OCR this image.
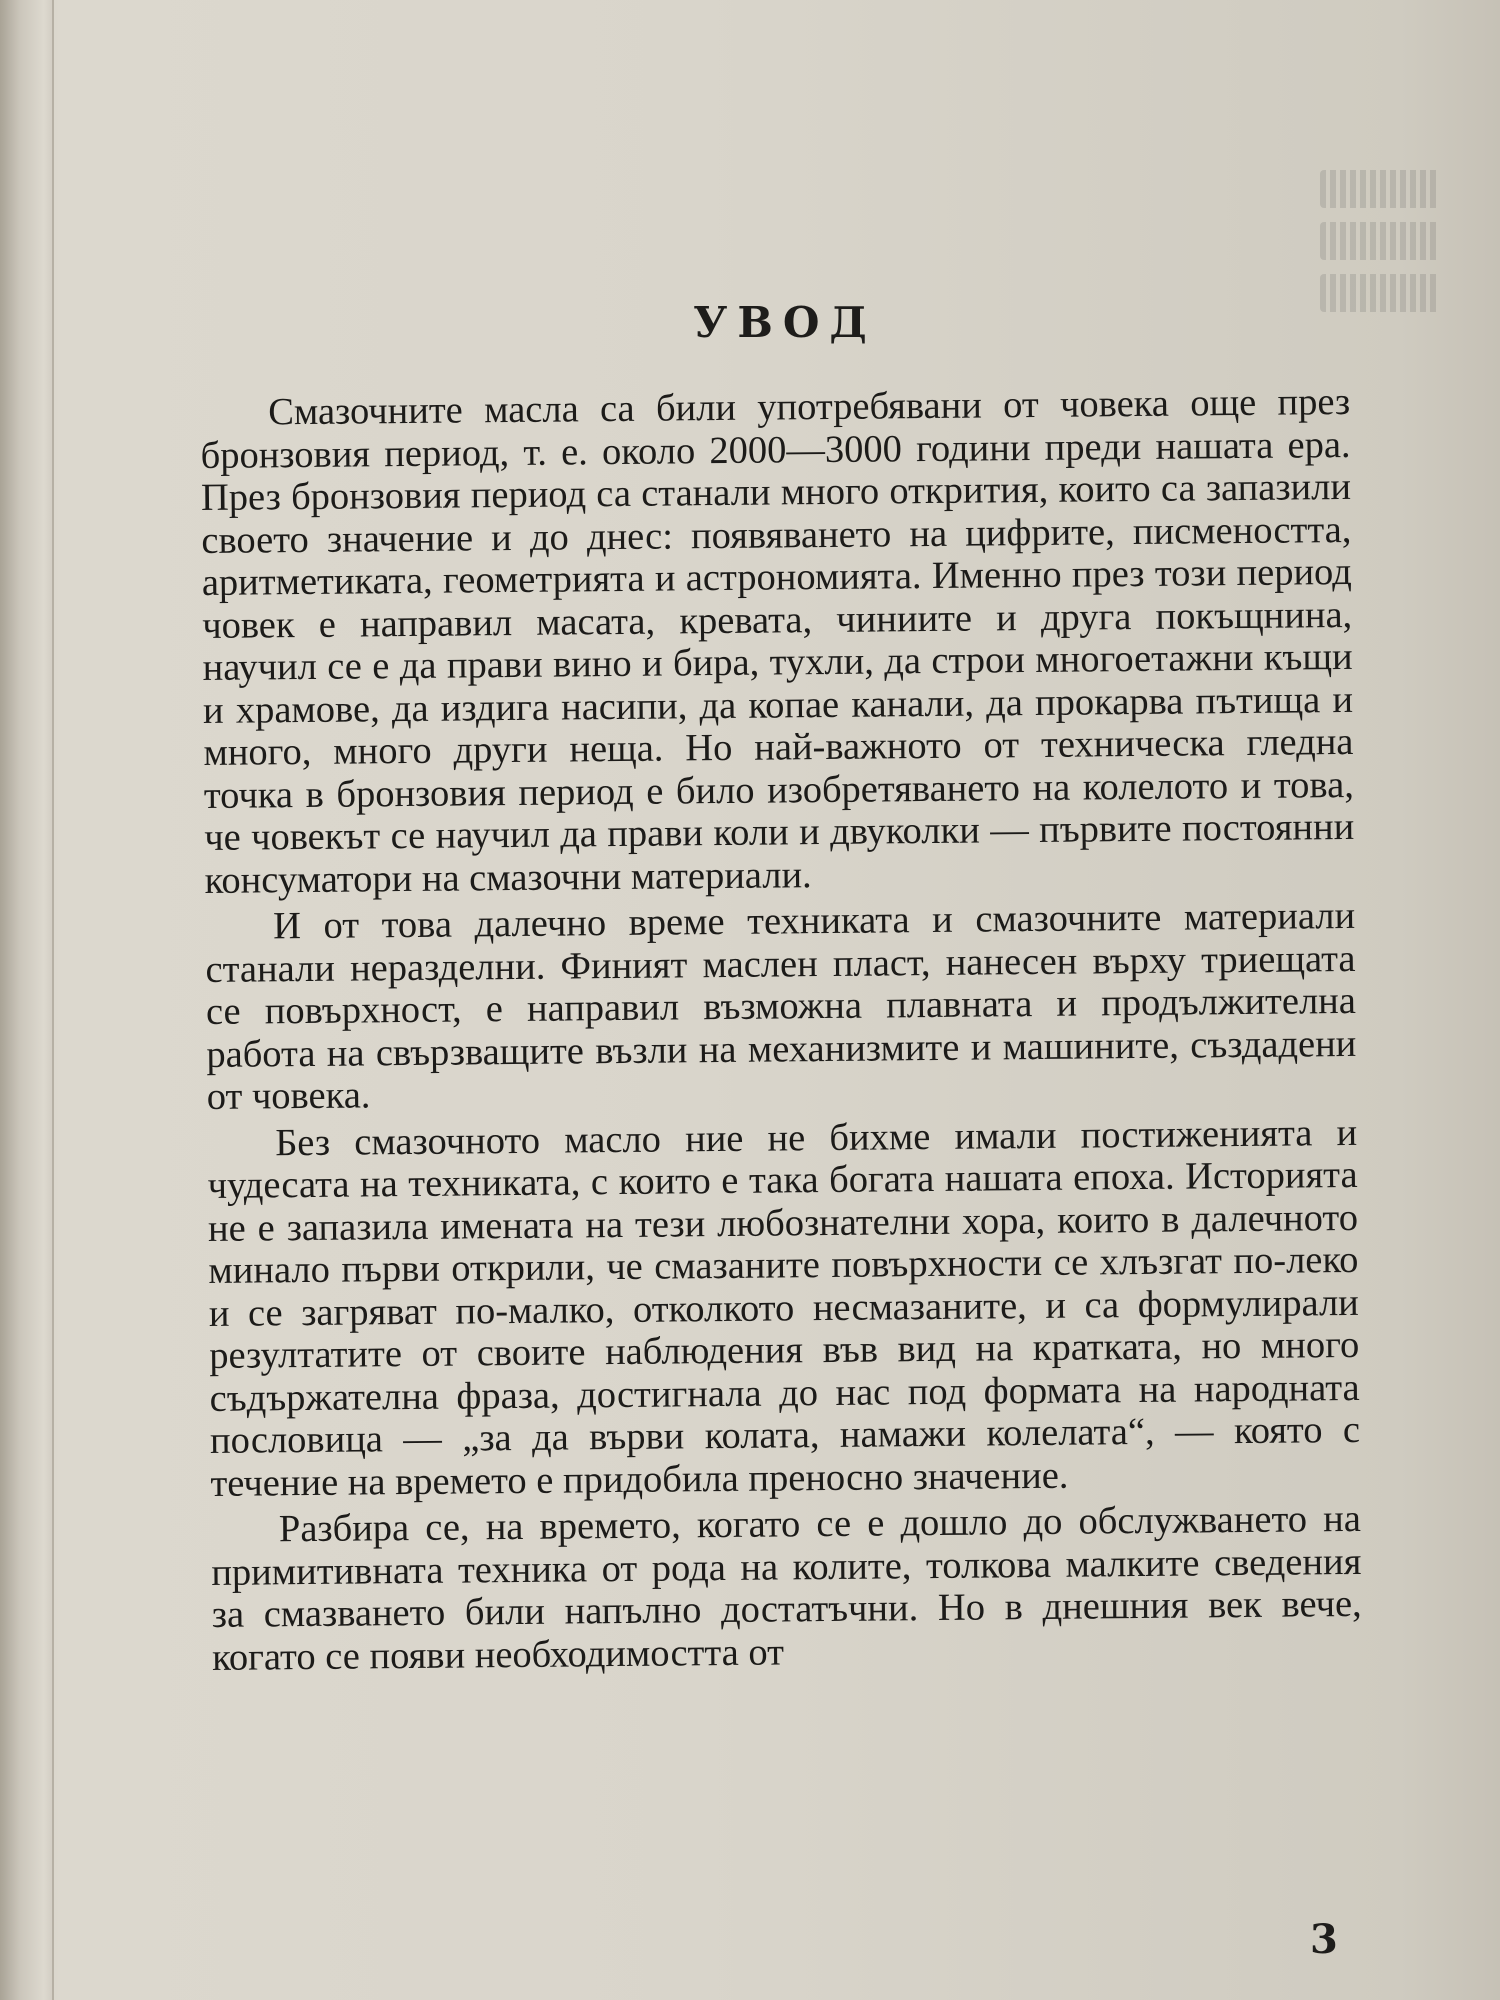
УВОД

Смазочните масла са били употребявани от човека още през бронзовия период, т. е. около 2000—3000 години преди нашата ера. През бронзовия период са станали много открития, които са запазили своето значение и до днес: появяването на цифрите, писмеността, аритметиката, геометрията и астрономията. Именно през този период човек е направил масата, кревата, чиниите и друга покъщнина, научил се е да прави вино и бира, тухли, да строи многоетажни къщи и храмове, да издига насипи, да копае канали, да прокарва пътища и много, много други неща. Но най-важното от техническа гледна точка в бронзовия период е било изобретяването на колелото и това, че човекът се научил да прави коли и двуколки — първите постоянни консуматори на смазочни материали.

И от това далечно време техниката и смазочните материали станали неразделни. Финият маслен пласт, нанесен върху триещата се повърхност, е направил възможна плавната и продължителна работа на свързващите възли на механизмите и машините, създадени от човека.

Без смазочното масло ние не бихме имали постиженията и чудесата на техниката, с които е така богата нашата епоха. Историята не е запазила имената на тези любознателни хора, които в далечното минало първи открили, че смазаните повърхности се хлъзгат по-леко и се загряват по-малко, отколкото несмазаните, и са формулирали резултатите от своите наблюдения във вид на кратката, но много съдържателна фраза, достигнала до нас под формата на народната пословица — „за да върви колата, намажи колелата“, — която с течение на времето е придобила преносно значение.

Разбира се, на времето, когато се е дошло до обслужването на примитивната техника от рода на колите, толкова малките сведения за смазването били напълно достатъчни. Но в днешния век вече, когато се появи необходимостта от

3
